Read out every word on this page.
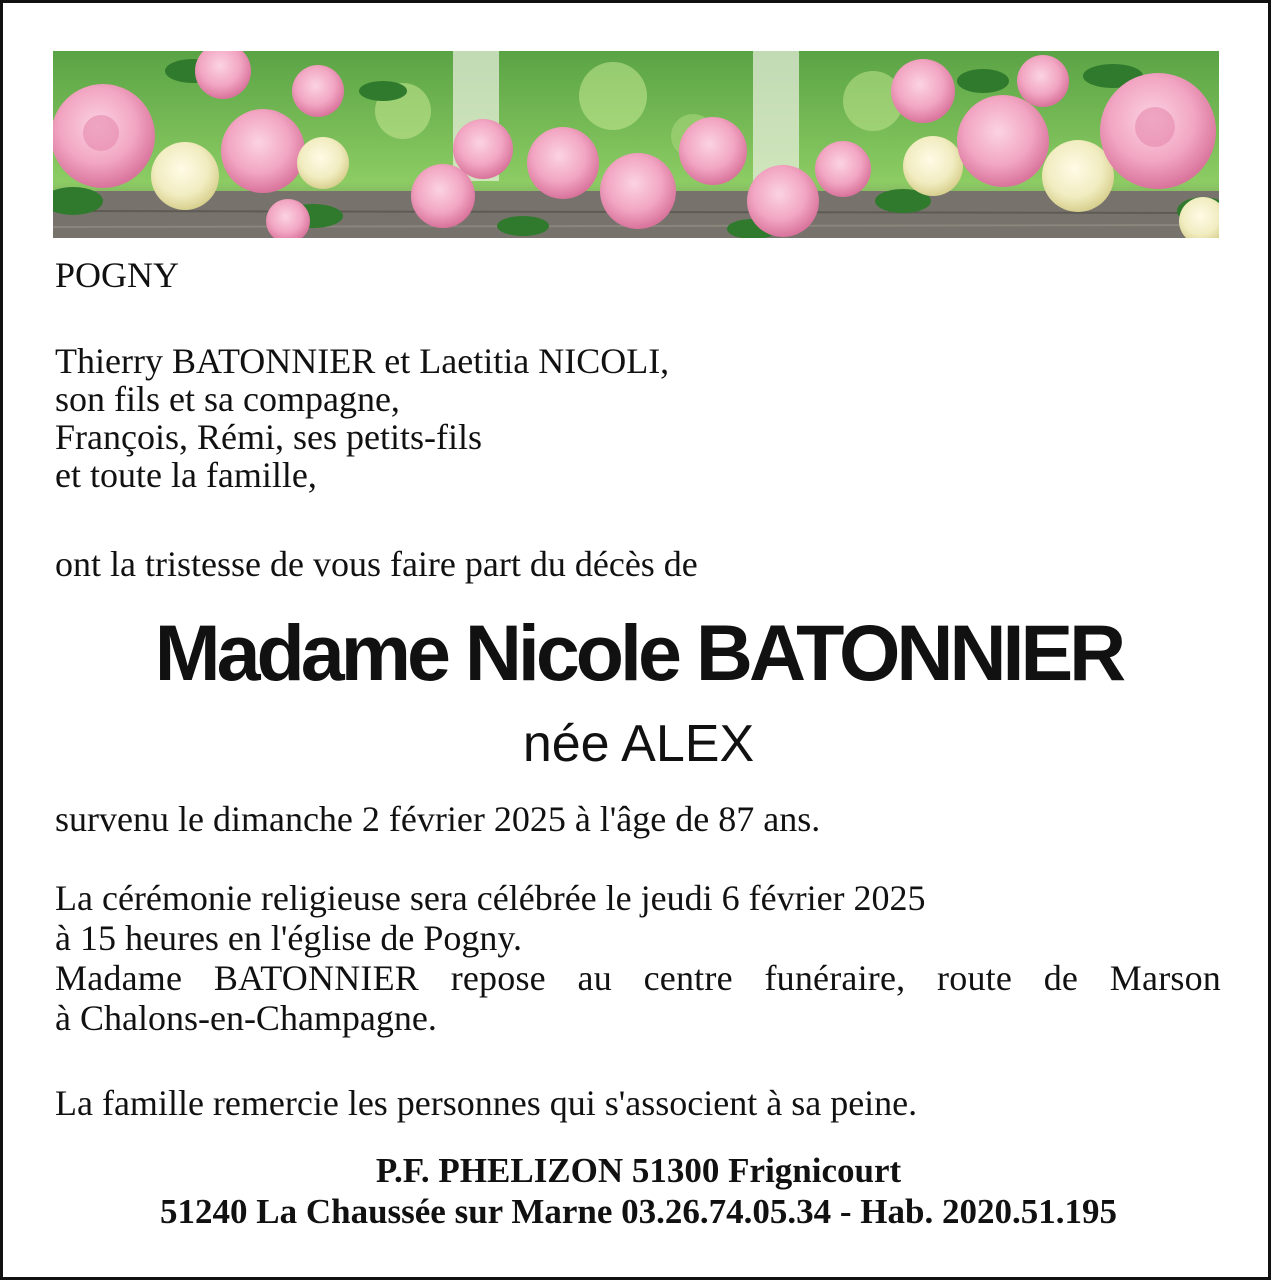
POGNY

Thierry BATONNIER et Laetitia NICOLI,
son fils et sa compagne,
François, Rémi, ses petits-fils
et toute la famille,

ont la tristesse de vous faire part du décès de

Madame Nicole BATONNIER

née ALEX

survenu le dimanche 2 février 2025 à l'âge de 87 ans.

La cérémonie religieuse sera célébrée le jeudi 6 février 2025
à 15 heures en l'église de Pogny.
Madame BATONNIER repose au centre funéraire, route de Marson
à Chalons-en-Champagne.

La famille remercie les personnes qui s'associent à sa peine.

P.F. PHELIZON 51300 Frignicourt

51240 La Chaussée sur Marne 03.26.74.05.34 - Hab. 2020.51.195
